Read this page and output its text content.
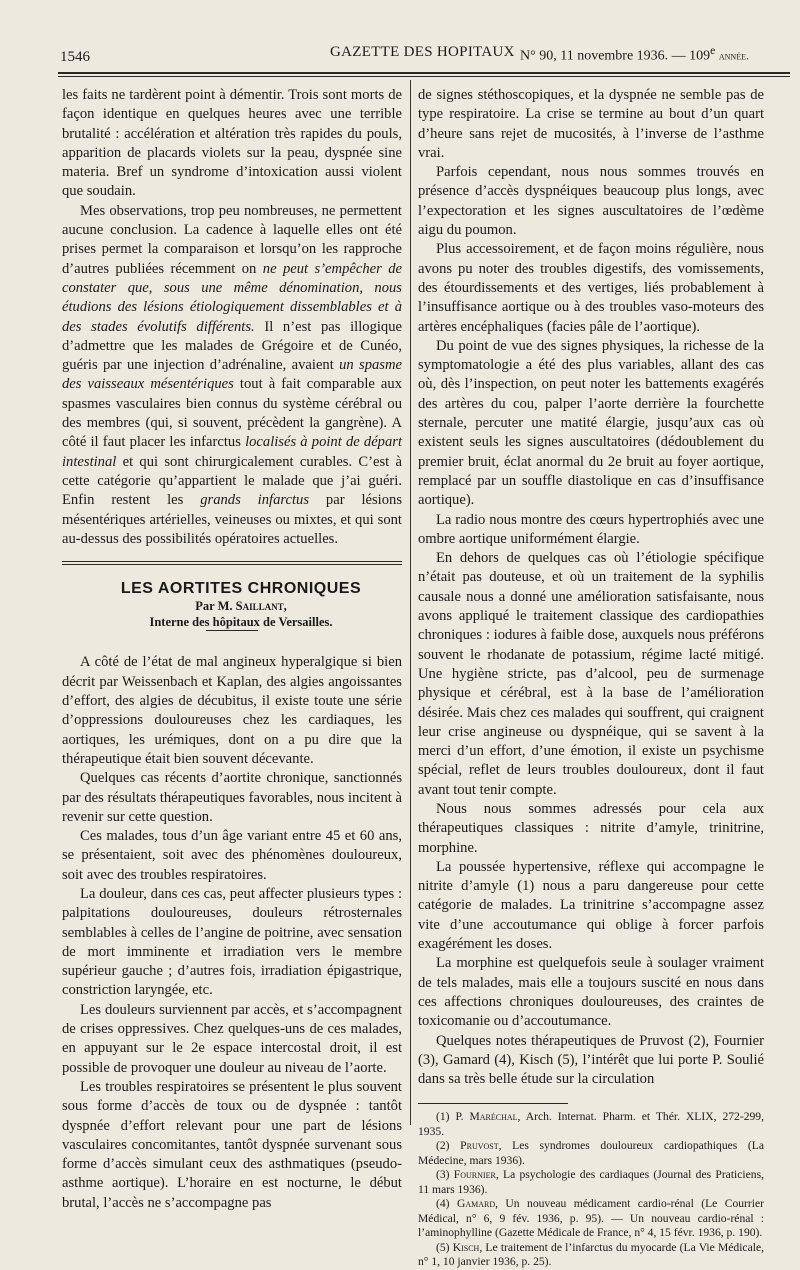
1546	GAZETTE DES HOPITAUX N° 90, 11 novembre 1936. — 109e année.

les faits ne tardèrent point à démentir. Trois sont morts de façon identique en quelques heures avec une terrible brutalité : accélération et altération très rapides du pouls, apparition de placards violets sur la peau, dyspnée sine materia. Bref un syndrome d’intoxication aussi violent que soudain.

Mes observations, trop peu nombreuses, ne permettent aucune conclusion. La cadence à laquelle elles ont été prises permet la comparaison et lorsqu’on les rapproche d’autres publiées récemment on ne peut s’empêcher de constater que, sous une même dénomination, nous étudions des lésions étiologiquement dissemblables et à des stades évolutifs différents. Il n’est pas illogique d’admettre que les malades de Grégoire et de Cunéo, guéris par une injection d’adrénaline, avaient un spasme des vaisseaux mésentériques tout à fait comparable aux spasmes vasculaires bien connus du système cérébral ou des membres (qui, si souvent, précèdent la gangrène). A côté il faut placer les infarctus localisés à point de départ intestinal et qui sont chirurgicalement curables. C’est à cette catégorie qu’appartient le malade que j’ai guéri. Enfin restent les grands infarctus par lésions mésentériques artérielles, veineuses ou mixtes, et qui sont au-dessus des possibilités opératoires actuelles.

LES AORTITES CHRONIQUES

Par M. Saillant,

Interne des hôpitaux de Versailles.

A côté de l’état de mal angineux hyperalgique si bien décrit par Weissenbach et Kaplan, des algies angoissantes d’effort, des algies de décubitus, il existe toute une série d’oppressions douloureuses chez les cardiaques, les aortiques, les urémiques, dont on a pu dire que la thérapeutique était bien souvent décevante.

Quelques cas récents d’aortite chronique, sanctionnés par des résultats thérapeutiques favorables, nous incitent à revenir sur cette question.

Ces malades, tous d’un âge variant entre 45 et 60 ans, se présentaient, soit avec des phénomènes douloureux, soit avec des troubles respiratoires.

La douleur, dans ces cas, peut affecter plusieurs types : palpitations douloureuses, douleurs rétrosternales semblables à celles de l’angine de poitrine, avec sensation de mort imminente et irradiation vers le membre supérieur gauche ; d’autres fois, irradiation épigastrique, constriction laryngée, etc.

Les douleurs surviennent par accès, et s’accompagnent de crises oppressives. Chez quelques-uns de ces malades, en appuyant sur le 2e espace intercostal droit, il est possible de provoquer une douleur au niveau de l’aorte.

Les troubles respiratoires se présentent le plus souvent sous forme d’accès de toux ou de dyspnée : tantôt dyspnée d’effort relevant pour une part de lésions vasculaires concomitantes, tantôt dyspnée survenant sous forme d’accès simulant ceux des asthmatiques (pseudo-asthme aortique). L’horaire en est nocturne, le début brutal, l’accès ne s’accompagne pas

de signes stéthoscopiques, et la dyspnée ne semble pas de type respiratoire. La crise se termine au bout d’un quart d’heure sans rejet de mucosités, à l’inverse de l’asthme vrai.

Parfois cependant, nous nous sommes trouvés en présence d’accès dyspnéiques beaucoup plus longs, avec l’expectoration et les signes auscultatoires de l’œdème aigu du poumon.

Plus accessoirement, et de façon moins régulière, nous avons pu noter des troubles digestifs, des vomissements, des étourdissements et des vertiges, liés probablement à l’insuffisance aortique ou à des troubles vaso-moteurs des artères encéphaliques (facies pâle de l’aortique).

Du point de vue des signes physiques, la richesse de la symptomatologie a été des plus variables, allant des cas où, dès l’inspection, on peut noter les battements exagérés des artères du cou, palper l’aorte derrière la fourchette sternale, percuter une matité élargie, jusqu’aux cas où existent seuls les signes auscultatoires (dédoublement du premier bruit, éclat anormal du 2e bruit au foyer aortique, remplacé par un souffle diastolique en cas d’insuffisance aortique).

La radio nous montre des cœurs hypertrophiés avec une ombre aortique uniformément élargie.

En dehors de quelques cas où l’étiologie spécifique n’était pas douteuse, et où un traitement de la syphilis causale nous a donné une amélioration satisfaisante, nous avons appliqué le traitement classique des cardiopathies chroniques : iodures à faible dose, auxquels nous préférons souvent le rhodanate de potassium, régime lacté mitigé. Une hygiène stricte, pas d’alcool, peu de surmenage physique et cérébral, est à la base de l’amélioration désirée. Mais chez ces malades qui souffrent, qui craignent leur crise angineuse ou dyspnéique, qui se savent à la merci d’un effort, d’une émotion, il existe un psychisme spécial, reflet de leurs troubles douloureux, dont il faut avant tout tenir compte.

Nous nous sommes adressés pour cela aux thérapeutiques classiques : nitrite d’amyle, trinitrine, morphine.

La poussée hypertensive, réflexe qui accompagne le nitrite d’amyle (1) nous a paru dangereuse pour cette catégorie de malades. La trinitrine s’accompagne assez vite d’une accoutumance qui oblige à forcer parfois exagérément les doses.

La morphine est quelquefois seule à soulager vraiment de tels malades, mais elle a toujours suscité en nous dans ces affections chroniques douloureuses, des craintes de toxicomanie ou d’accoutumance.

Quelques notes thérapeutiques de Pruvost (2), Fournier (3), Gamard (4), Kisch (5), l’intérêt que lui porte P. Soulié dans sa très belle étude sur la circulation

(1) P. Maréchal, Arch. Internat. Pharm. et Thér. XLIX, 272-299, 1935.

(2) Pruvost, Les syndromes douloureux cardiopathiques (La Médecine, mars 1936).

(3) Fournier, La psychologie des cardiaques (Journal des Praticiens, 11 mars 1936).

(4) Gamard, Un nouveau médicament cardio-rénal (Le Courrier Médical, n° 6, 9 fév. 1936, p. 95). — Un nouveau cardio-rénal : l’aminophylline (Gazette Médicale de France, n° 4, 15 févr. 1936, p. 190).

(5) Kisch, Le traitement de l’infarctus du myocarde (La Vie Médicale, n° 1, 10 janvier 1936, p. 25).
